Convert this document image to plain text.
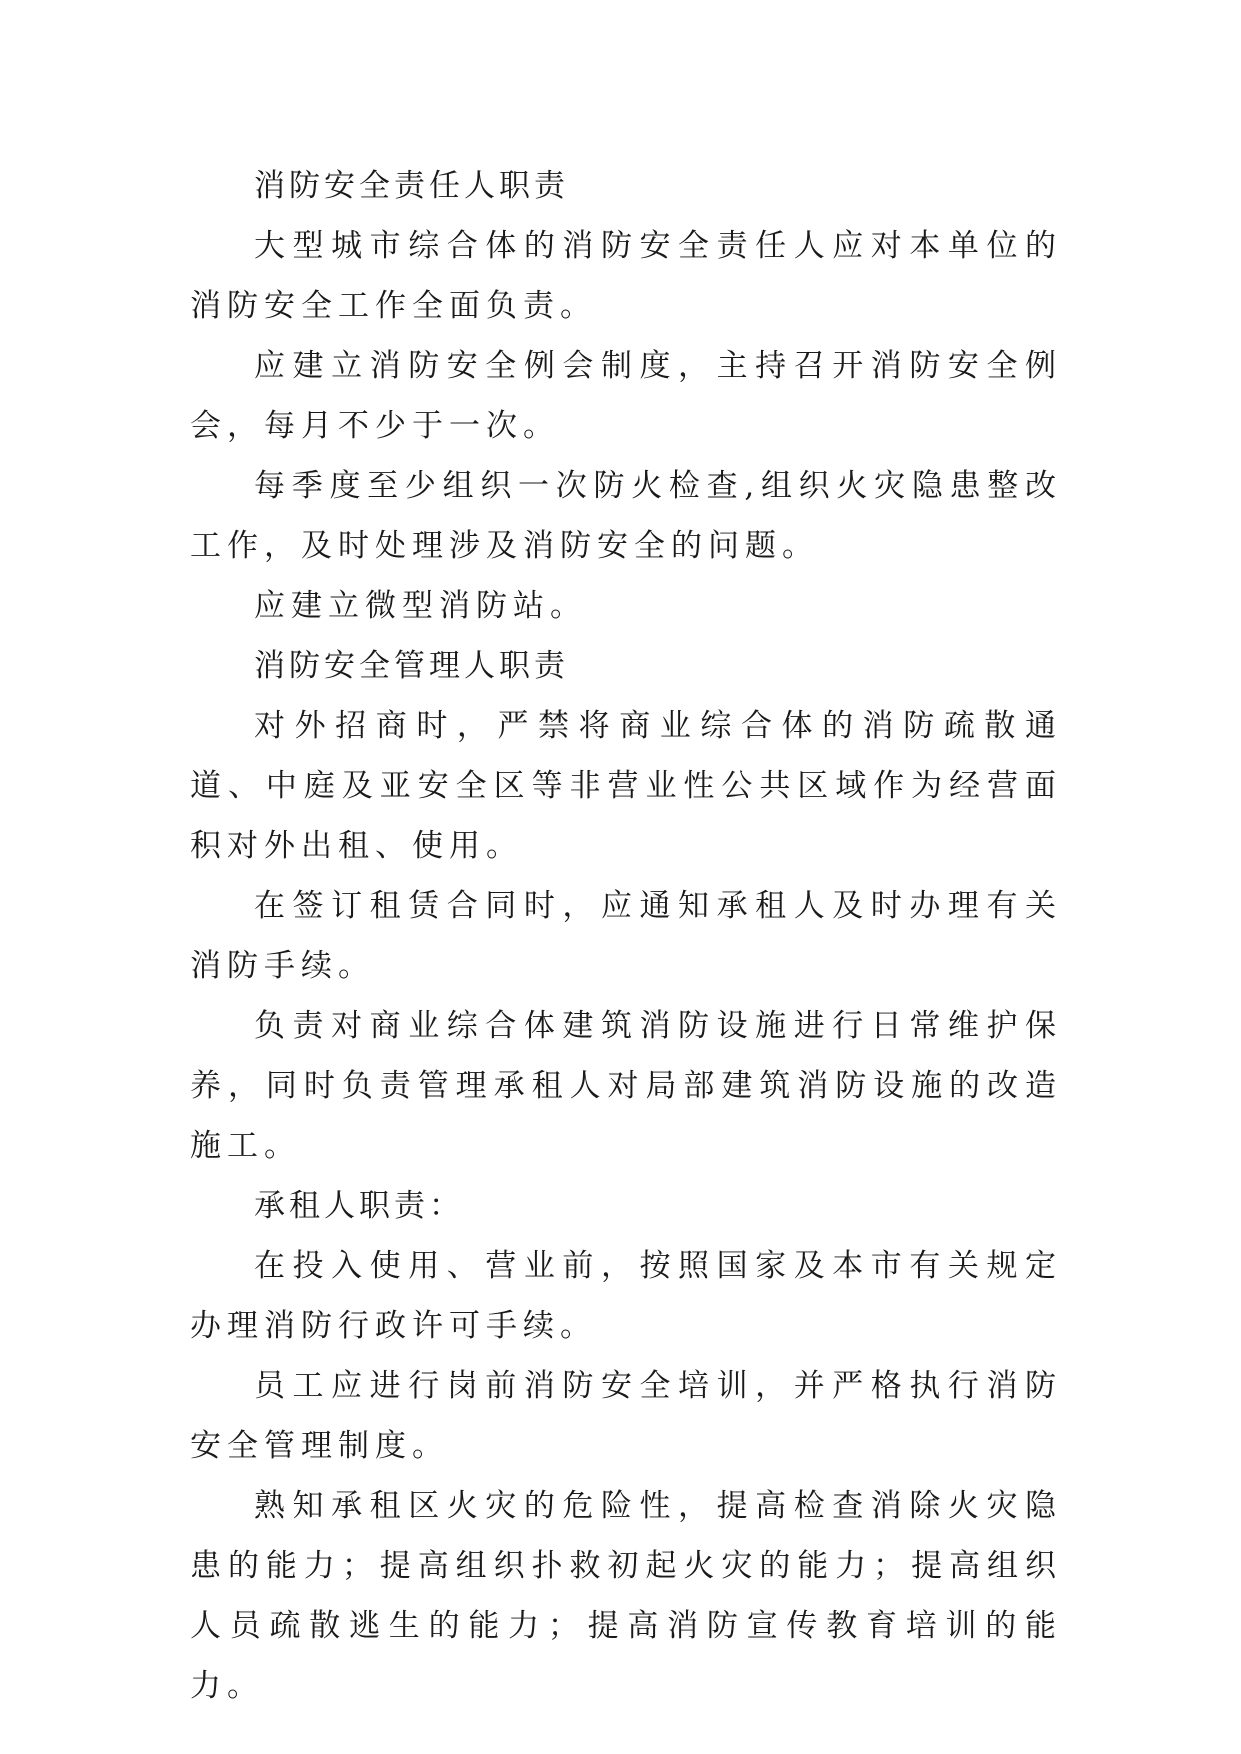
消防安全责任人职责

大型城市综合体的消防安全责任人应对本单位的消防安全工作全面负责。

应建立消防安全例会制度，主持召开消防安全例会，每月不少于一次。

每季度至少组织一次防火检查,组织火灾隐患整改工作，及时处理涉及消防安全的问题。

应建立微型消防站。

消防安全管理人职责

对外招商时，严禁将商业综合体的消防疏散通道、中庭及亚安全区等非营业性公共区域作为经营面积对外出租、使用。

在签订租赁合同时，应通知承租人及时办理有关消防手续。

负责对商业综合体建筑消防设施进行日常维护保养，同时负责管理承租人对局部建筑消防设施的改造施工。

承租人职责：

在投入使用、营业前，按照国家及本市有关规定办理消防行政许可手续。

员工应进行岗前消防安全培训，并严格执行消防安全管理制度。

熟知承租区火灾的危险性，提高检查消除火灾隐患的能力；提高组织扑救初起火灾的能力；提高组织人员疏散逃生的能力；提高消防宣传教育培训的能力。
